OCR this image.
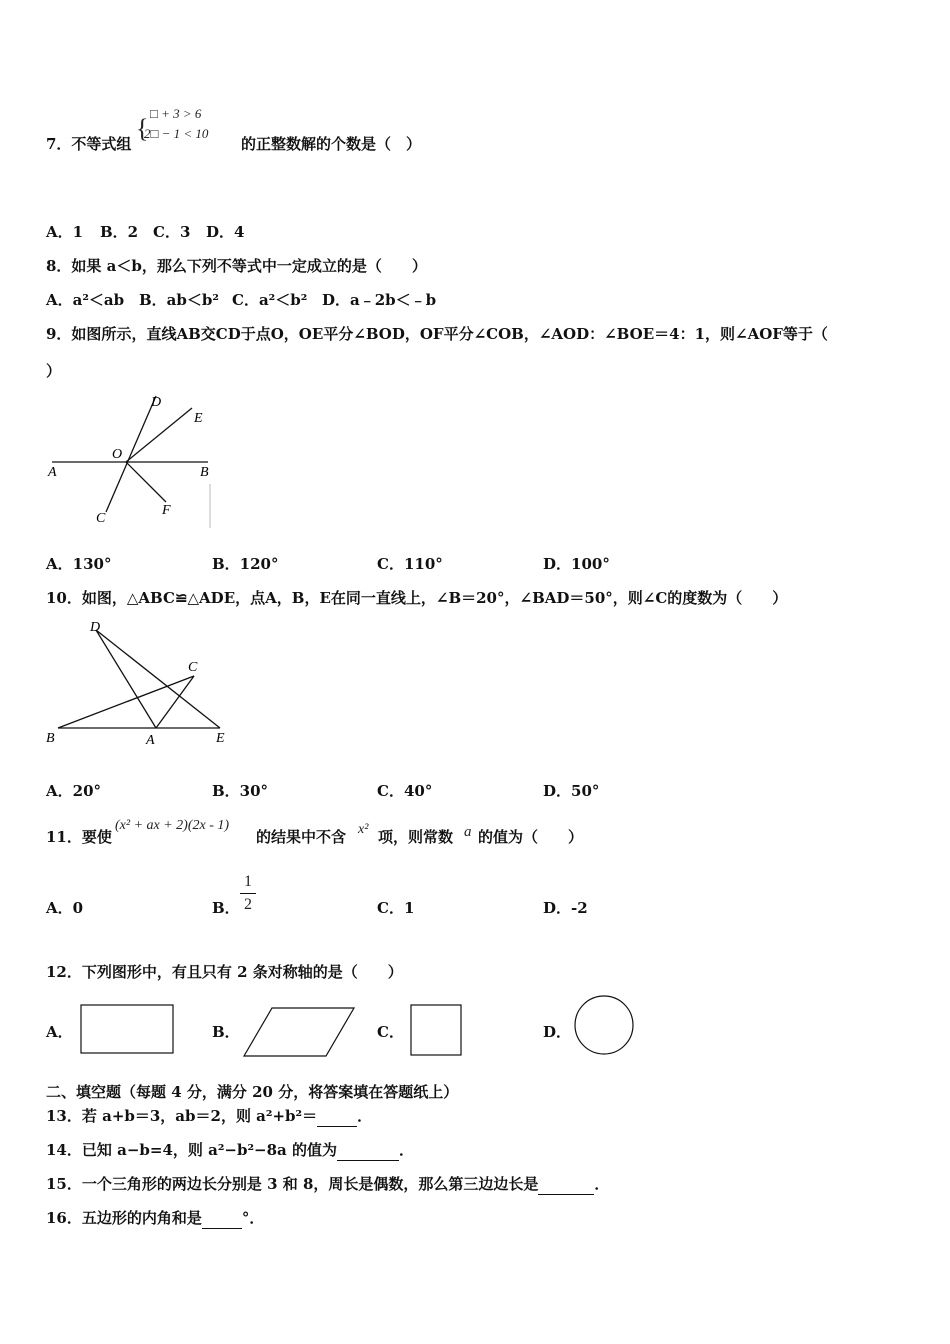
7．不等式组
{
□ + 3 > 6
2□ − 1 < 10
的正整数解的个数是（　）
A．1 B．2 C．3 D．4
8．如果 a＜b，那么下列不等式中一定成立的是（　　）
A．a²＜ab B．ab＜b² C．a²＜b² D．a﹣2b＜﹣b
9．如图所示，直线AB交CD于点O，OE平分∠BOD，OF平分∠COB，∠AOD：∠BOE＝4：1，则∠AOF等于（
）
A	B
C
D
E
F
O
A．130°	B．120°	C．110°	D．100°
10．如图，△ABC≌△ADE，点A，B，E在同一直线上，∠B＝20°，∠BAD＝50°，则∠C的度数为（　　）
B	A	E
C
D
A．20°	B．30°	C．40°	D．50°
11．要使
(x² + ax + 2)(2x - 1)
的结果中不含 x² 项，则常数 a 的值为（　　）
A．0	B．
1
2	C．1	D．-2
12．下列图形中，有且只有 2 条对称轴的是（　　）
A．	B．	C．	D．
二、填空题（每题 4 分，满分 20 分，将答案填在答题纸上）
13．若 a+b＝3，ab＝2，则 a²+b²＝	．
14．已知 a−b=4，则 a²−b²−8a 的值为	．
15．一个三角形的两边长分别是 3 和 8，周长是偶数，那么第三边边长是	．
16．五边形的内角和是	°．
